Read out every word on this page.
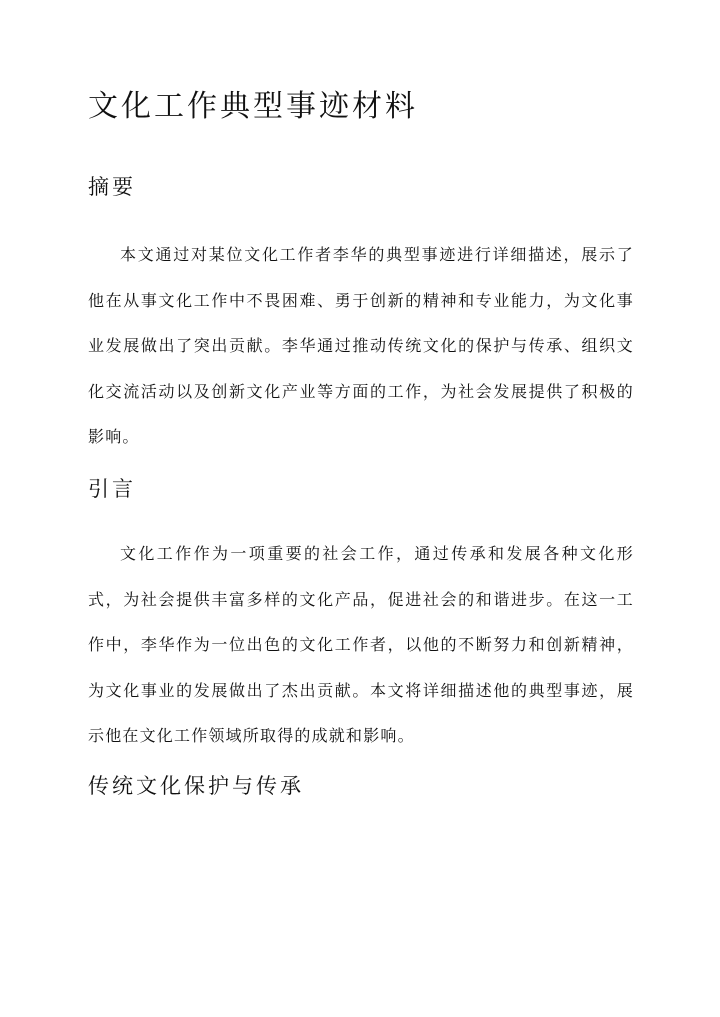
文化工作典型事迹材料
摘要

本文通过对某位文化工作者李华的典型事迹进行详细描述，展示了他在从事文化工作中不畏困难、勇于创新的精神和专业能力，为文化事业发展做出了突出贡献。李华通过推动传统文化的保护与传承、组织文化交流活动以及创新文化产业等方面的工作，为社会发展提供了积极的影响。

引言

文化工作作为一项重要的社会工作，通过传承和发展各种文化形式，为社会提供丰富多样的文化产品，促进社会的和谐进步。在这一工作中，李华作为一位出色的文化工作者，以他的不断努力和创新精神，为文化事业的发展做出了杰出贡献。本文将详细描述他的典型事迹，展示他在文化工作领域所取得的成就和影响。

传统文化保护与传承
